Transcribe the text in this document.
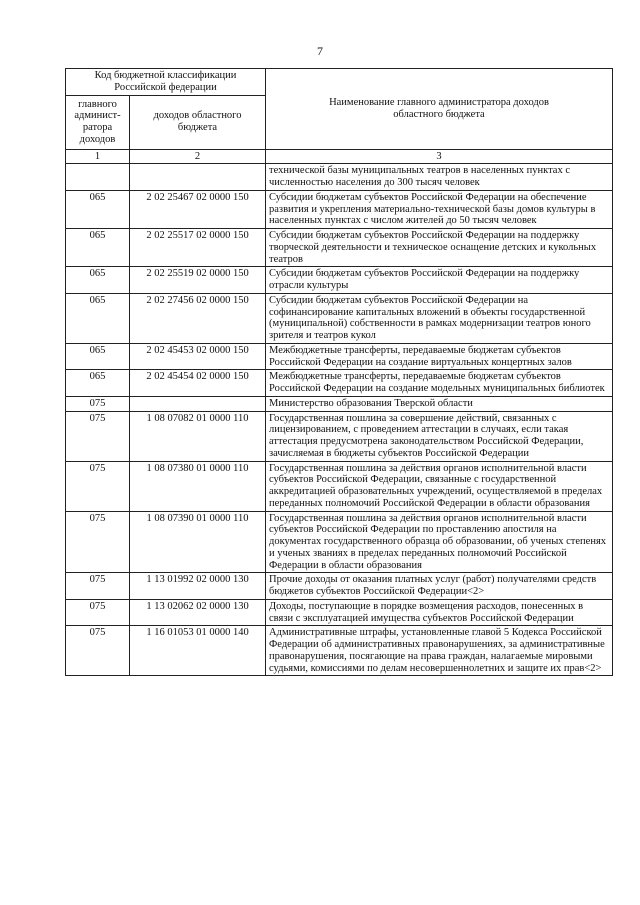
7
Код бюджетной классификации Российской федерации		Наименование главного администратора доходов областного бюджета

главного админист-ратора доходов	доходов областного бюджета	
1	2	3
		технической базы муниципальных театров в населенных пунктах с численностью населения до 300 тысяч человек
065	2 02 25467 02 0000 150	Субсидии бюджетам субъектов Российской Федерации на обеспечение развития и укрепления материально-технической базы домов культуры в населенных пунктах с числом жителей до 50 тысяч человек
065	2 02 25517 02 0000 150	Субсидии бюджетам субъектов Российской Федерации на поддержку творческой деятельности и техническое оснащение детских и кукольных театров
065	2 02 25519 02 0000 150	Субсидии бюджетам субъектов Российской Федерации на поддержку отрасли культуры
065	2 02 27456 02 0000 150	Субсидии бюджетам субъектов Российской Федерации на софинансирование капитальных вложений в объекты государственной (муниципальной) собственности в рамках модернизации театров юного зрителя и театров кукол
065	2 02 45453 02 0000 150	Межбюджетные трансферты, передаваемые бюджетам субъектов Российской Федерации на создание виртуальных концертных залов
065	2 02 45454 02 0000 150	Межбюджетные трансферты, передаваемые бюджетам субъектов Российской Федерации на создание модельных муниципальных библиотек
075		Министерство образования Тверской области
075	1 08 07082 01 0000 110	Государственная пошлина за совершение действий, связанных с лицензированием, с проведением аттестации в случаях, если такая аттестация предусмотрена законодательством Российской Федерации, зачисляемая в бюджеты субъектов Российской Федерации
075	1 08 07380 01 0000 110	Государственная пошлина за действия органов исполнительной власти субъектов Российской Федерации, связанные с государственной аккредитацией образовательных учреждений, осуществляемой в пределах переданных полномочий Российской Федерации в области образования
075	1 08 07390 01 0000 110	Государственная пошлина за действия органов исполнительной власти субъектов Российской Федерации по проставлению апостиля на документах государственного образца об образовании, об ученых степенях и ученых званиях в пределах переданных полномочий Российской Федерации в области образования
075	1 13 01992 02 0000 130	Прочие доходы от оказания платных услуг (работ) получателями средств бюджетов субъектов Российской Федерации<2>
075	1 13 02062 02 0000 130	Доходы, поступающие в порядке возмещения расходов, понесенных в связи с эксплуатацией имущества субъектов Российской Федерации
075	1 16 01053 01 0000 140	Административные штрафы, установленные главой 5 Кодекса Российской Федерации об административных правонарушениях, за административные правонарушения, посягающие на права граждан, налагаемые мировыми судьями, комиссиями по делам несовершеннолетних и защите их прав<2>
